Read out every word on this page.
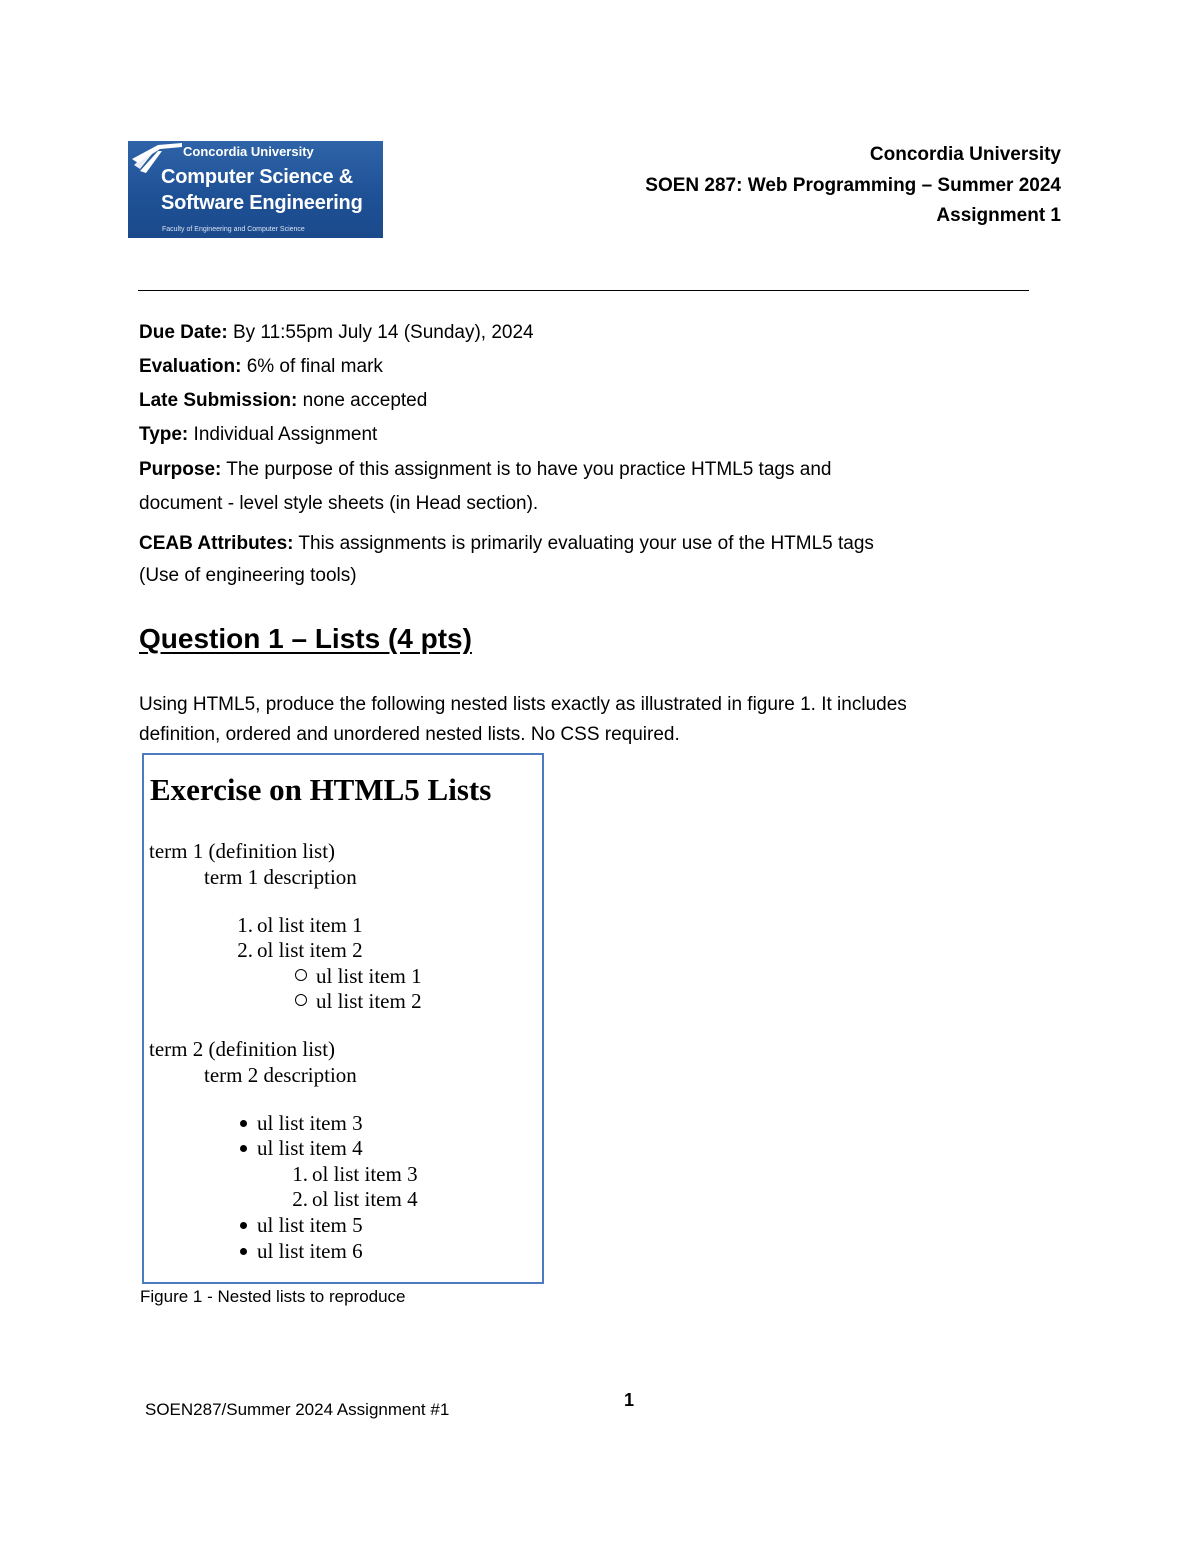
Concordia University
Computer Science &
Software Engineering
Faculty of Engineering and Computer Science
Concordia University
SOEN 287: Web Programming – Summer 2024
Assignment 1
Due Date: By 11:55pm July 14 (Sunday), 2024
Evaluation: 6% of final mark
Late Submission: none accepted
Type: Individual Assignment
Purpose: The purpose of this assignment is to have you practice HTML5 tags and
document - level style sheets (in Head section).
CEAB Attributes: This assignments is primarily evaluating your use of the HTML5 tags
(Use of engineering tools)
Question 1 – Lists (4 pts)
Using HTML5, produce the following nested lists exactly as illustrated in figure 1. It includes
definition, ordered and unordered nested lists. No CSS required.
Exercise on HTML5 Lists
term 1 (definition list)
term 1 description
1. ol list item 1
2. ol list item 2
ul list item 1
ul list item 2
term 2 (definition list)
term 2 description
ul list item 3
ul list item 4
1. ol list item 3
2. ol list item 4
ul list item 5
ul list item 6
Figure 1 - Nested lists to reproduce
SOEN287/Summer 2024 Assignment #1	1
